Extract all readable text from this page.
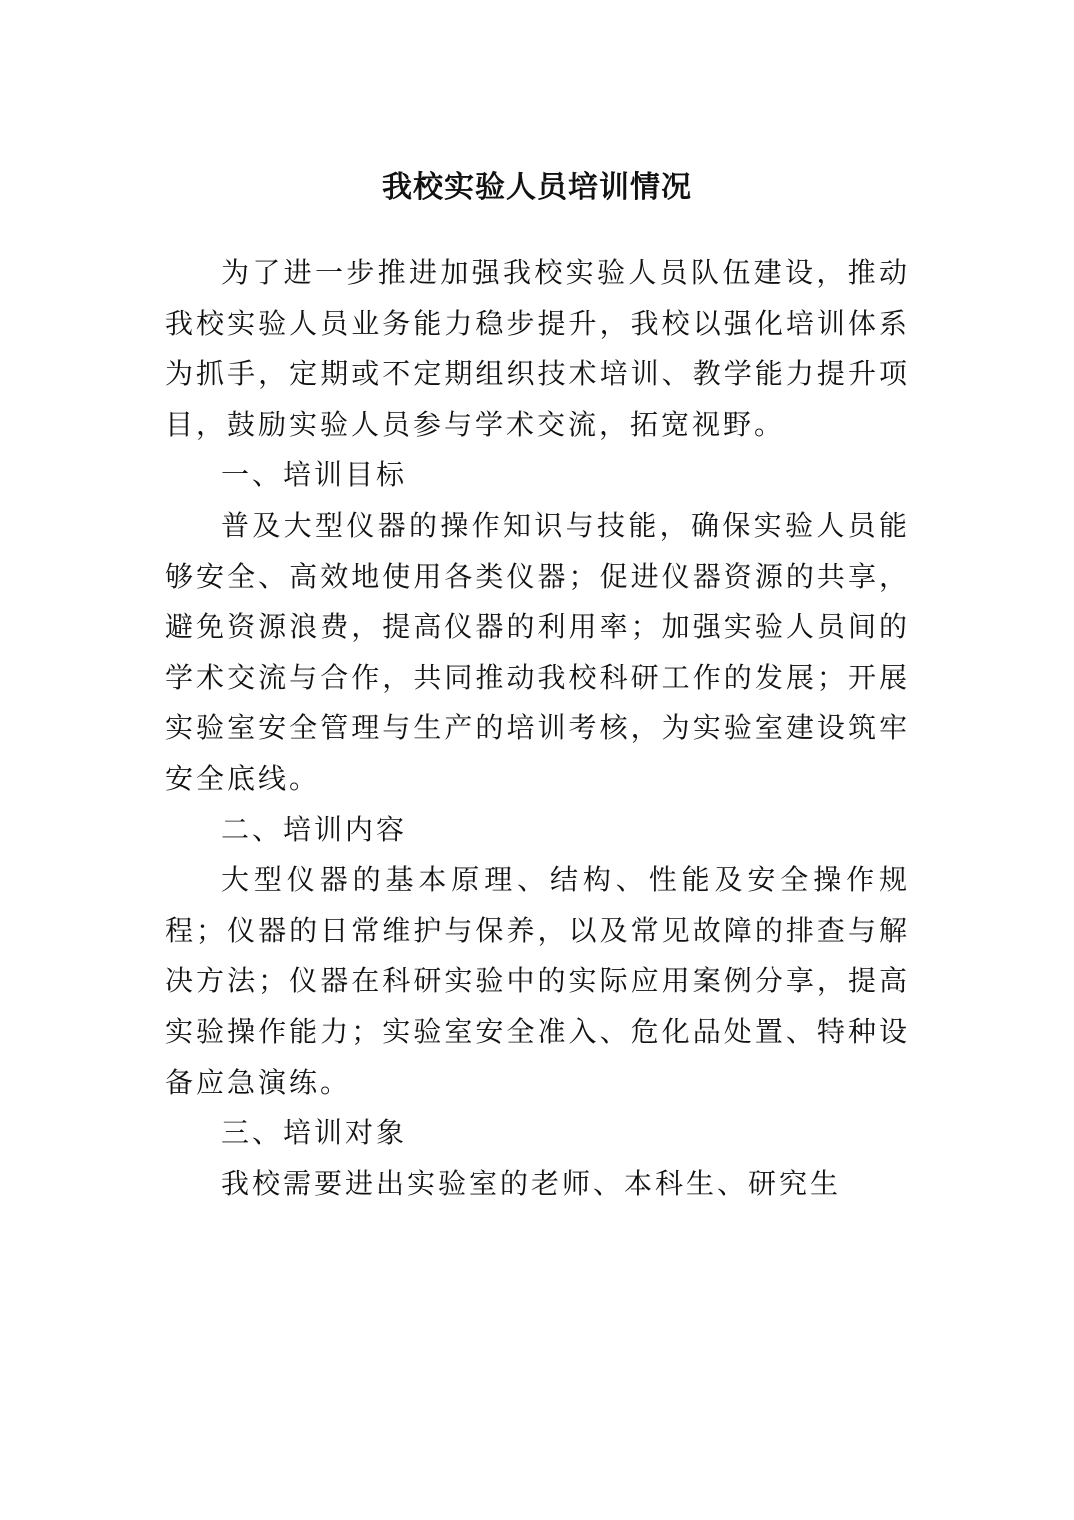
我校实验人员培训情况

为了进一步推进加强我校实验人员队伍建设，推动我校实验人员业务能力稳步提升，我校以强化培训体系为抓手，定期或不定期组织技术培训、教学能力提升项目，鼓励实验人员参与学术交流，拓宽视野。

一、培训目标

普及大型仪器的操作知识与技能，确保实验人员能够安全、高效地使用各类仪器；促进仪器资源的共享，避免资源浪费，提高仪器的利用率；加强实验人员间的学术交流与合作，共同推动我校科研工作的发展；开展实验室安全管理与生产的培训考核，为实验室建设筑牢安全底线。

二、培训内容

大型仪器的基本原理、结构、性能及安全操作规程；仪器的日常维护与保养，以及常见故障的排查与解决方法；仪器在科研实验中的实际应用案例分享，提高实验操作能力；实验室安全准入、危化品处置、特种设备应急演练。

三、培训对象

我校需要进出实验室的老师、本科生、研究生
